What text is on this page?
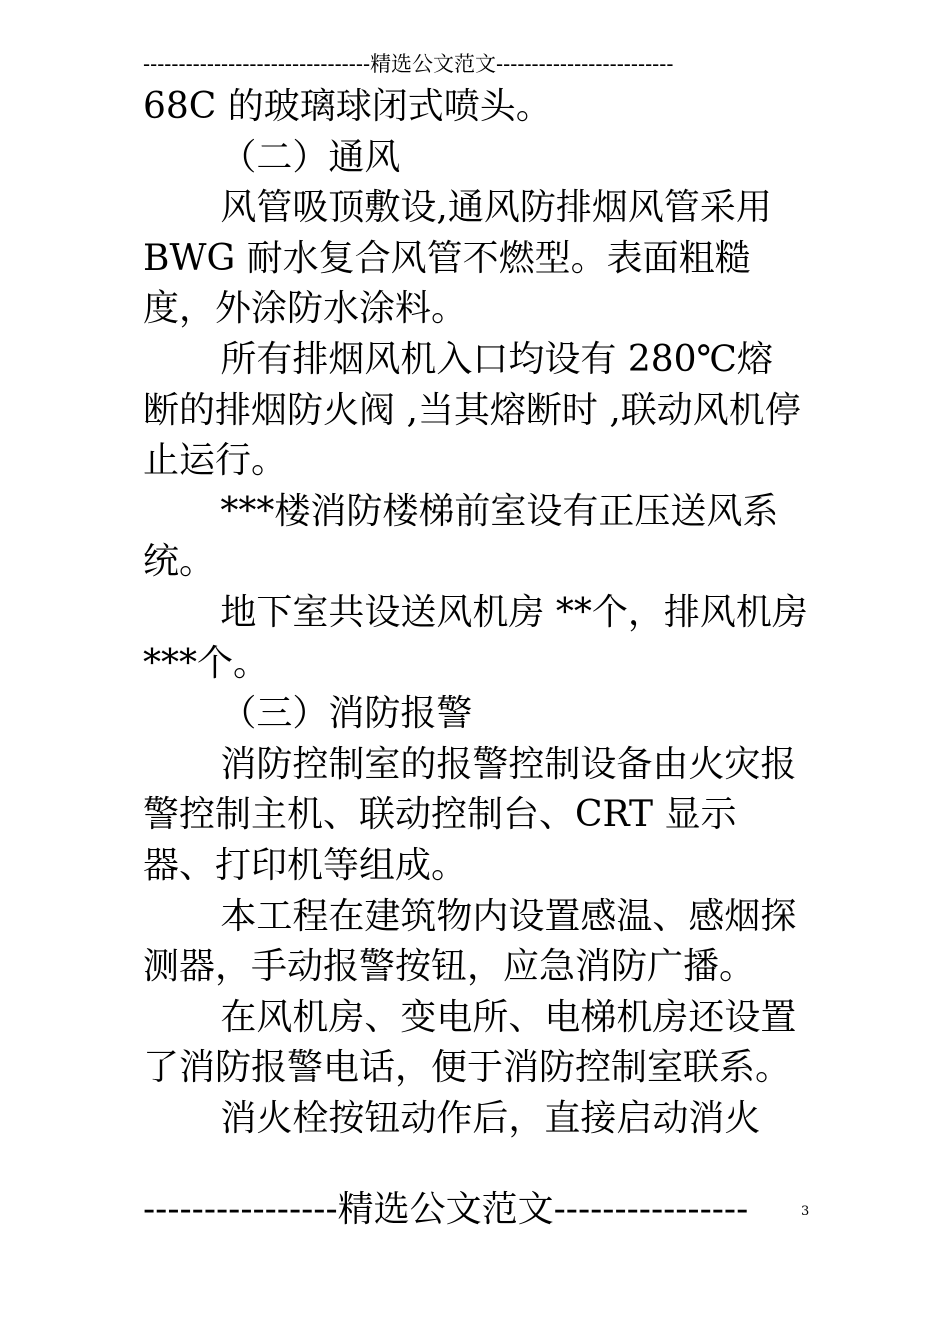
--------------------------------精选公文范文-------------------------

68C 的玻璃球闭式喷头。

（二）通风

风管吸顶敷设,通风防排烟风管采用 BWG 耐水复合风管不燃型。表面粗糙度，外涂防水涂料。

所有排烟风机入口均设有 280℃熔断的排烟防火阀 ,当其熔断时 ,联动风机停止运行。

***楼消防楼梯前室设有正压送风系统。

地下室共设送风机房 **个，排风机房***个。

（三）消防报警

消防控制室的报警控制设备由火灾报警控制主机、联动控制台、CRT 显示器、打印机等组成。

本工程在建筑物内设置感温、感烟探测器，手动报警按钮，应急消防广播。

在风机房、变电所、电梯机房还设置了消防报警电话，便于消防控制室联系。

消火栓按钮动作后，直接启动消火

----------------精选公文范文----------------	3
